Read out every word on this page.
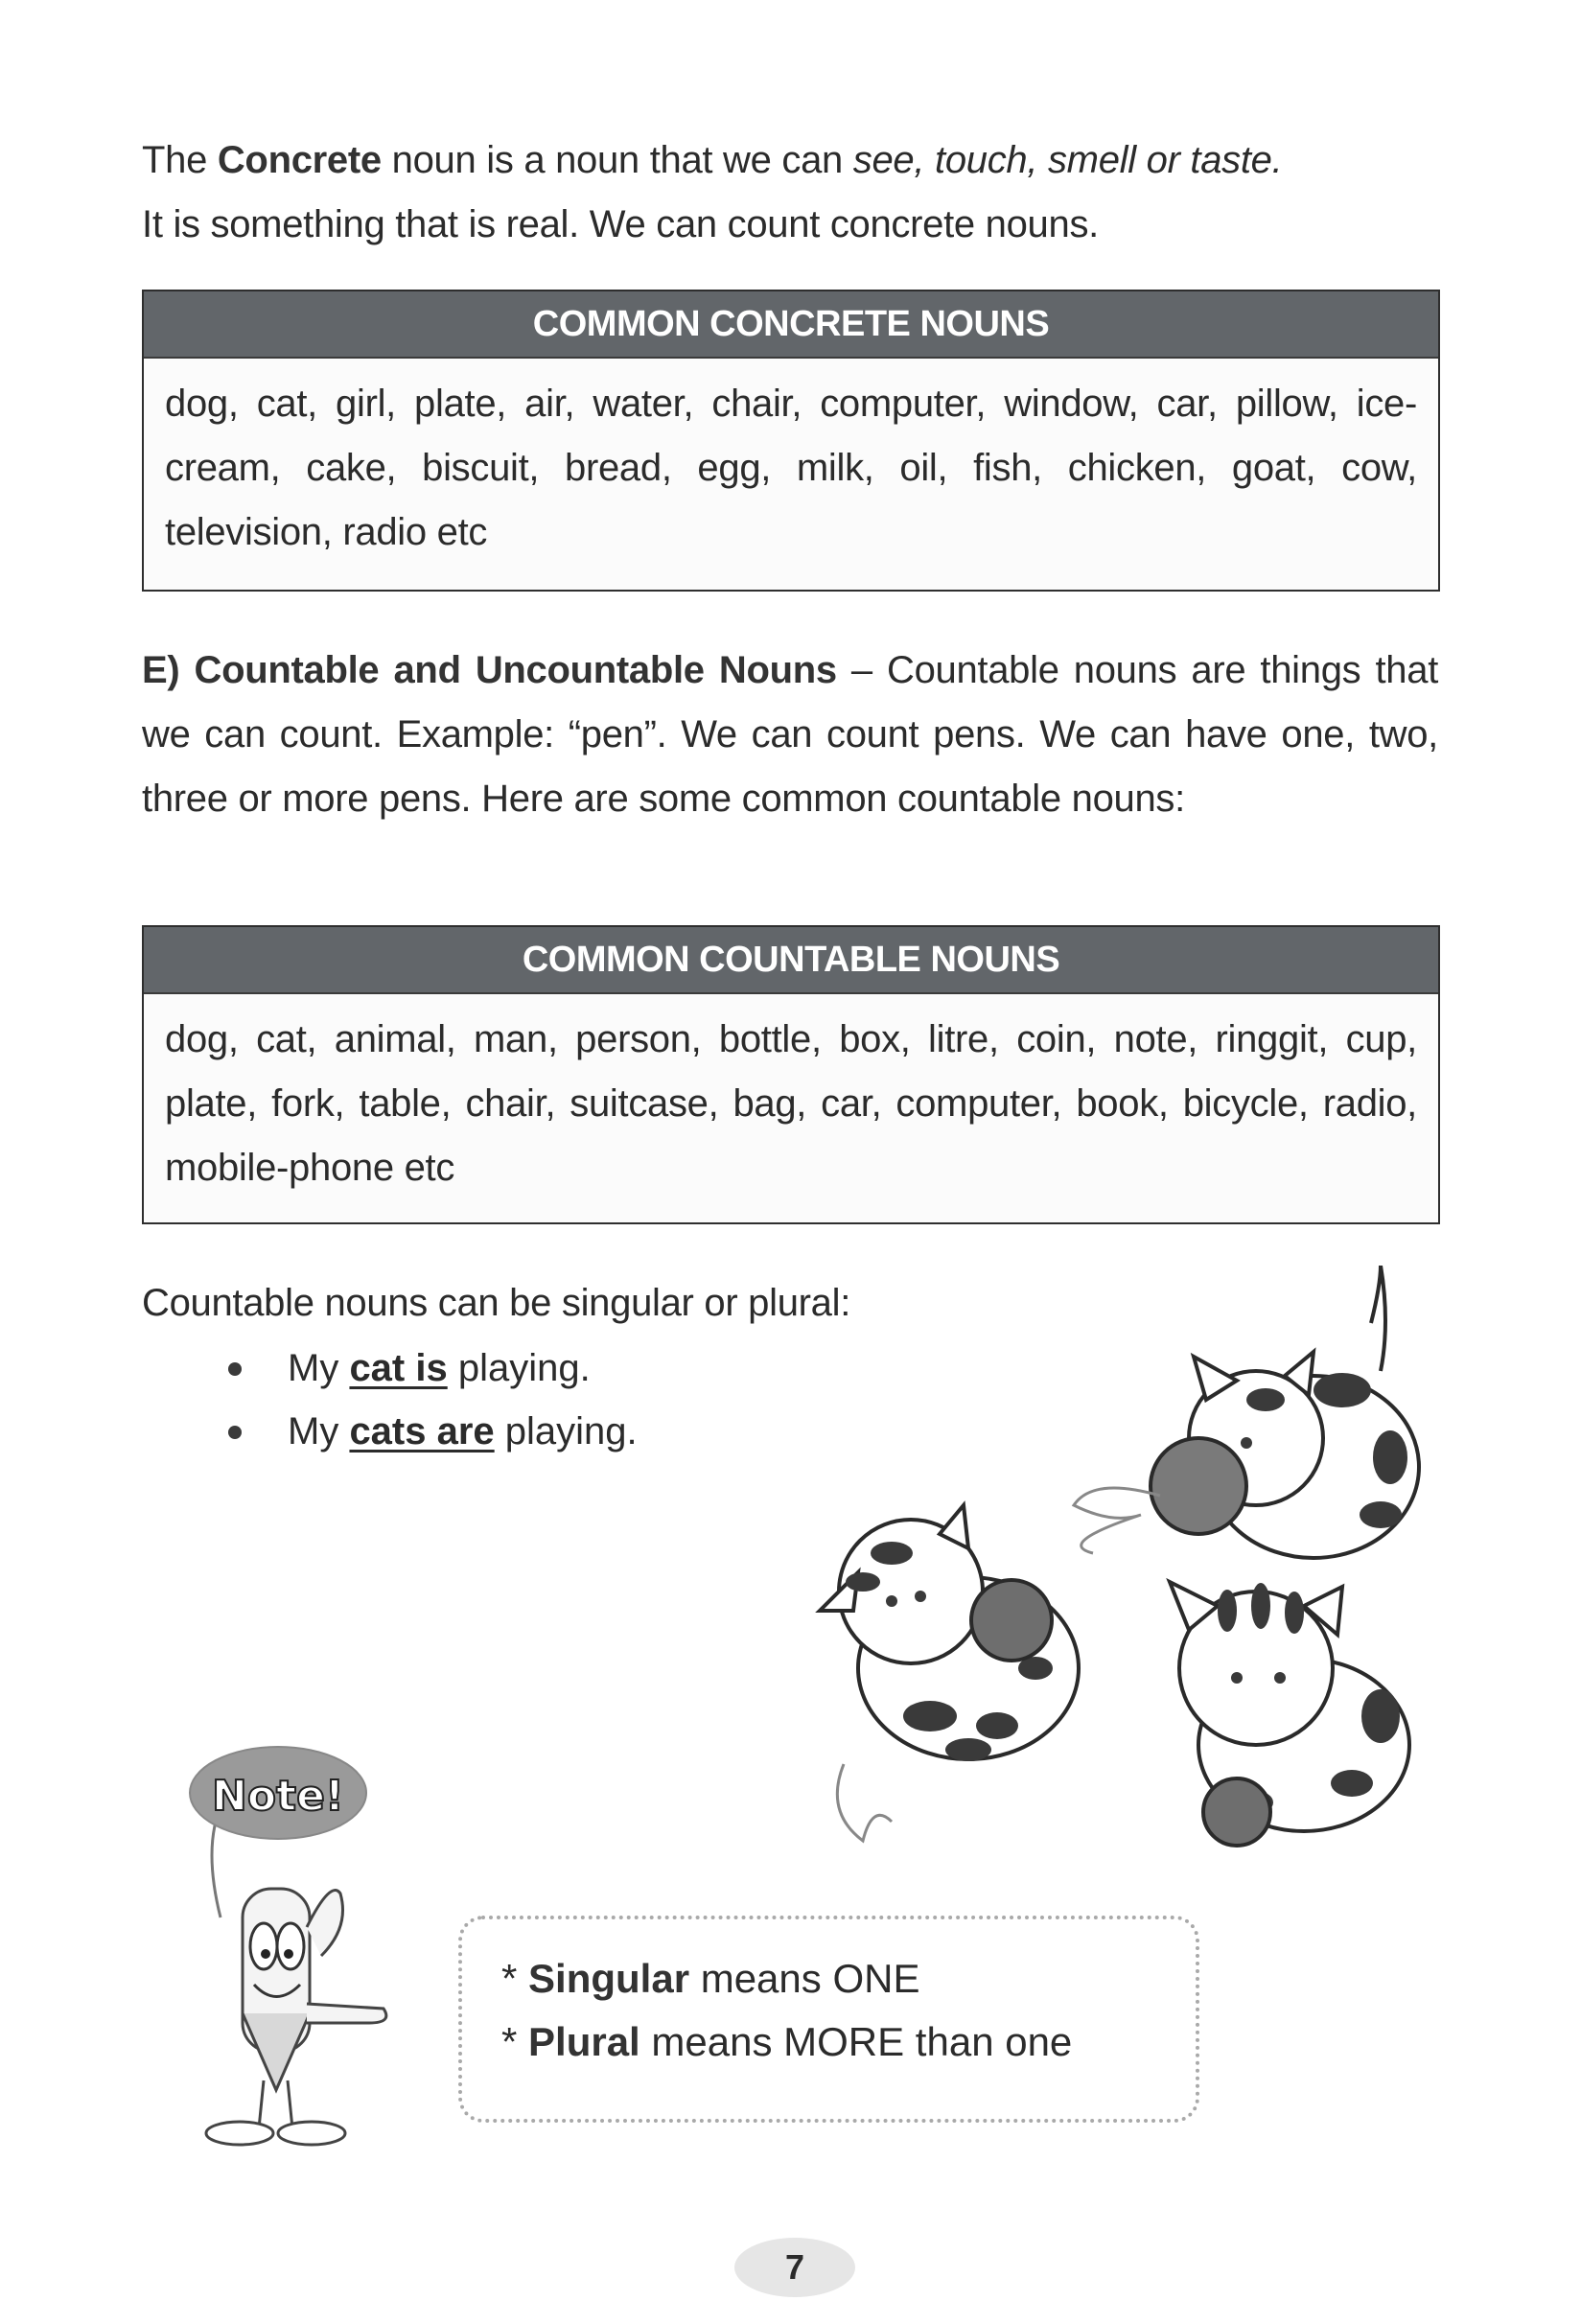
The Concrete noun is a noun that we can see, touch, smell or taste.
It is something that is real. We can count concrete nouns.
COMMON CONCRETE NOUNS
dog, cat, girl, plate, air, water, chair, computer, window, car, pillow, ice-cream, cake, biscuit, bread, egg, milk, oil, fish, chicken, goat, cow, television, radio etc
E) Countable and Uncountable Nouns – Countable nouns are things that we can count. Example: “pen”. We can count pens. We can have one, two, three or more pens. Here are some common countable nouns:
COMMON COUNTABLE NOUNS
dog, cat, animal, man, person, bottle, box, litre, coin, note, ringgit, cup, plate, fork, table, chair, suitcase, bag, car, computer, book, bicycle, radio, mobile-phone etc
Countable nouns can be singular or plural:
My cat is playing.
My cats are playing.
Note!
* Singular means ONE
* Plural means MORE than one
7
